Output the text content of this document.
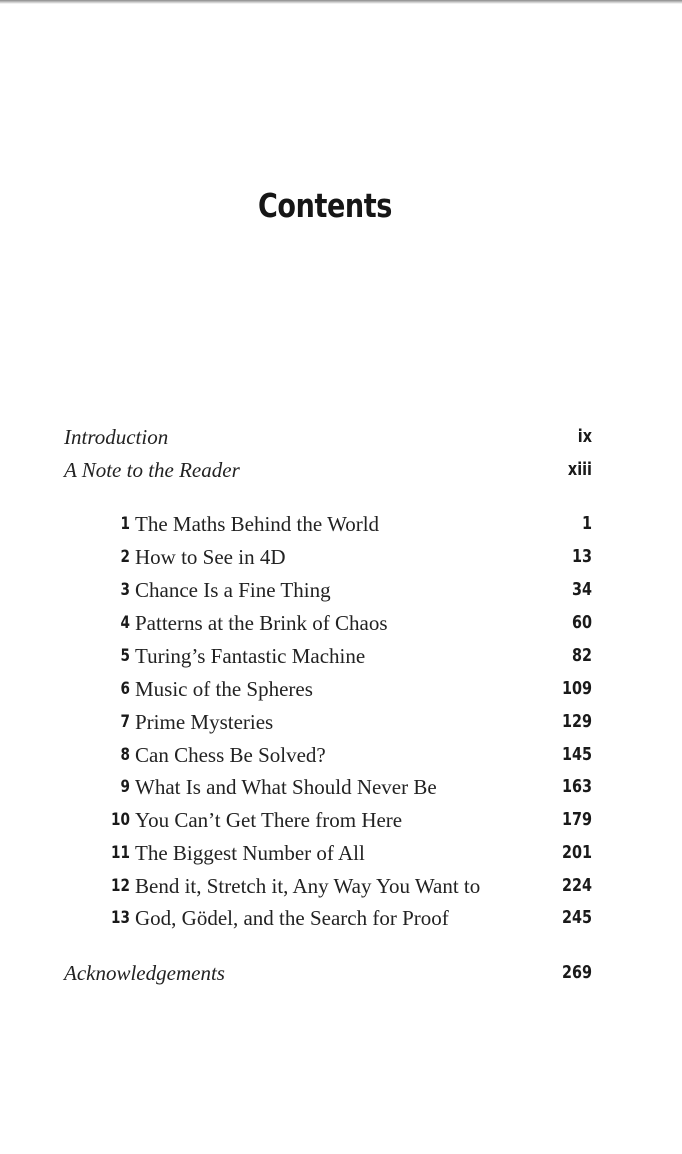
Contents
Introduction	ix
A Note to the Reader	xiii
1 The Maths Behind the World	1
2 How to See in 4D	13
3 Chance Is a Fine Thing	34
4 Patterns at the Brink of Chaos	60
5 Turing’s Fantastic Machine	82
6 Music of the Spheres	109
7 Prime Mysteries	129
8 Can Chess Be Solved?	145
9 What Is and What Should Never Be	163
10 You Can’t Get There from Here	179
11 The Biggest Number of All	201
12 Bend it, Stretch it, Any Way You Want to	224
13 God, Gödel, and the Search for Proof	245
Acknowledgements	269
